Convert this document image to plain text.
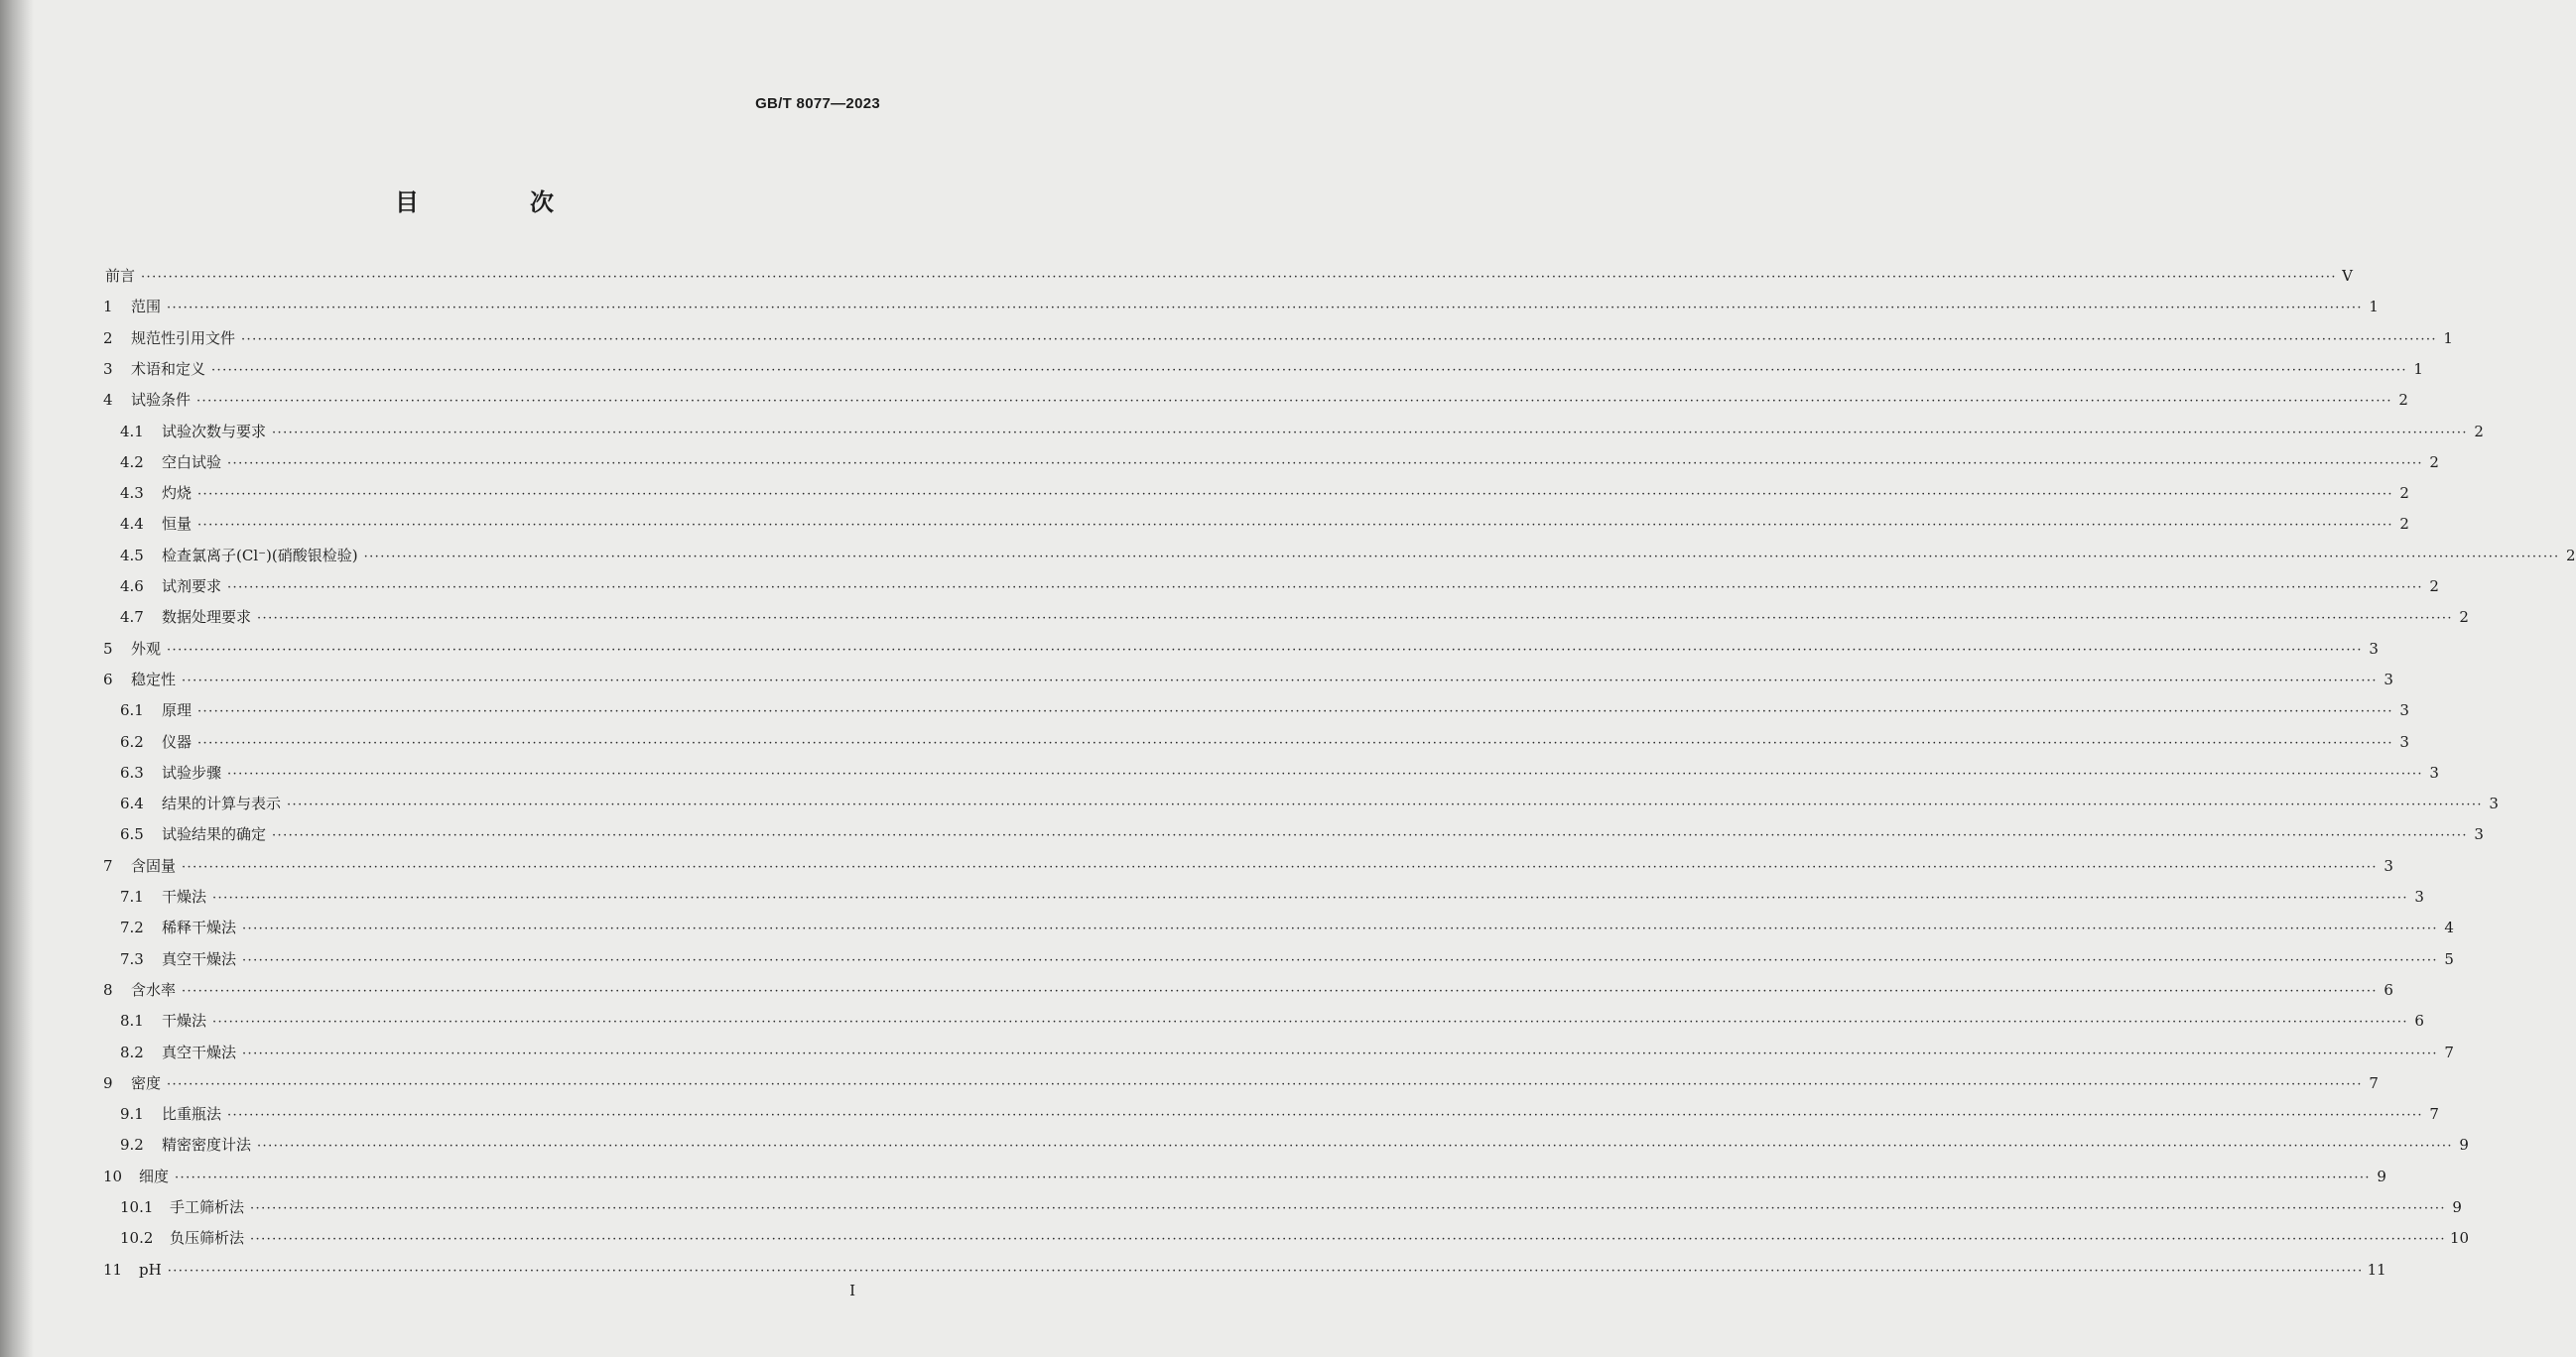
GB/T 8077—2023
目　次
前言 ················································································································································································································································································································································································································ V
1	范围 ················································································································································································································································································································································································································ 1
2	规范性引用文件 ················································································································································································································································································································································································································ 1
3	术语和定义 ················································································································································································································································································································································································································ 1
4	试验条件 ················································································································································································································································································································································································································ 2
4.1	试验次数与要求 ················································································································································································································································································································································································································ 2
4.2	空白试验 ················································································································································································································································································································································································································ 2
4.3	灼烧 ················································································································································································································································································································································································································ 2
4.4	恒量 ················································································································································································································································································································································································································ 2
4.5	检查氯离子(Cl⁻)(硝酸银检验) ················································································································································································································································································································································································································ 2
4.6	试剂要求 ················································································································································································································································································································································································································ 2
4.7	数据处理要求 ················································································································································································································································································································································································································ 2
5	外观 ················································································································································································································································································································································································································ 3
6	稳定性 ················································································································································································································································································································································································································ 3
6.1	原理 ················································································································································································································································································································································································································ 3
6.2	仪器 ················································································································································································································································································································································································································ 3
6.3	试验步骤 ················································································································································································································································································································································································································ 3
6.4	结果的计算与表示 ················································································································································································································································································································································································································ 3
6.5	试验结果的确定 ················································································································································································································································································································································································································ 3
7	含固量 ················································································································································································································································································································································································································ 3
7.1	干燥法 ················································································································································································································································································································································································································ 3
7.2	稀释干燥法 ················································································································································································································································································································································································································ 4
7.3	真空干燥法 ················································································································································································································································································································································································································ 5
8	含水率 ················································································································································································································································································································································································································ 6
8.1	干燥法 ················································································································································································································································································································································································································ 6
8.2	真空干燥法 ················································································································································································································································································································································································································ 7
9	密度 ················································································································································································································································································································································································································ 7
9.1	比重瓶法 ················································································································································································································································································································································································································ 7
9.2	精密密度计法 ················································································································································································································································································································································································································ 9
10	细度 ················································································································································································································································································································································································································ 9
10.1	手工筛析法 ················································································································································································································································································································································································································ 9
10.2	负压筛析法 ················································································································································································································································································································································································································ 10
11	pH ················································································································································································································································································································································································································ 11
I
